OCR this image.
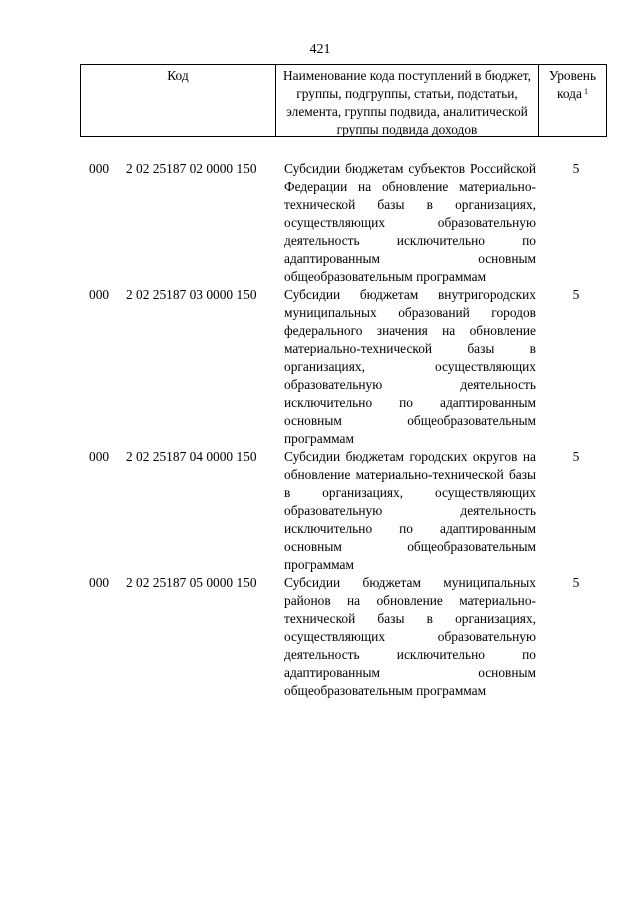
421
Код	Наименование кода поступлений в бюджет, группы, подгруппы, статьи, подстатьи, элемента, группы подвида, аналитической группы подвида доходов
Уровень кода $^1$
000 2 02 25187 02 0000 150 Субсидии бюджетам субъектов Российской Федерации на обновление материально-технической базы в организациях, осуществляющих образовательную деятельность исключительно по адаптированным основным общеобразовательным программам
5
000 2 02 25187 03 0000 150 Субсидии бюджетам внутригородских муниципальных образований городов федерального значения на обновление материально-технической базы в организациях, осуществляющих образовательную деятельность исключительно по адаптированным основным общеобразовательным программам
5
000 2 02 25187 04 0000 150 Субсидии бюджетам городских округов на обновление материально-технической базы в организациях, осуществляющих образовательную деятельность исключительно по адаптированным основным общеобразовательным программам
5
000 2 02 25187 05 0000 150 Субсидии бюджетам муниципальных районов на обновление материально-технической базы в организациях, осуществляющих образовательную деятельность исключительно по адаптированным основным общеобразовательным программам
5
